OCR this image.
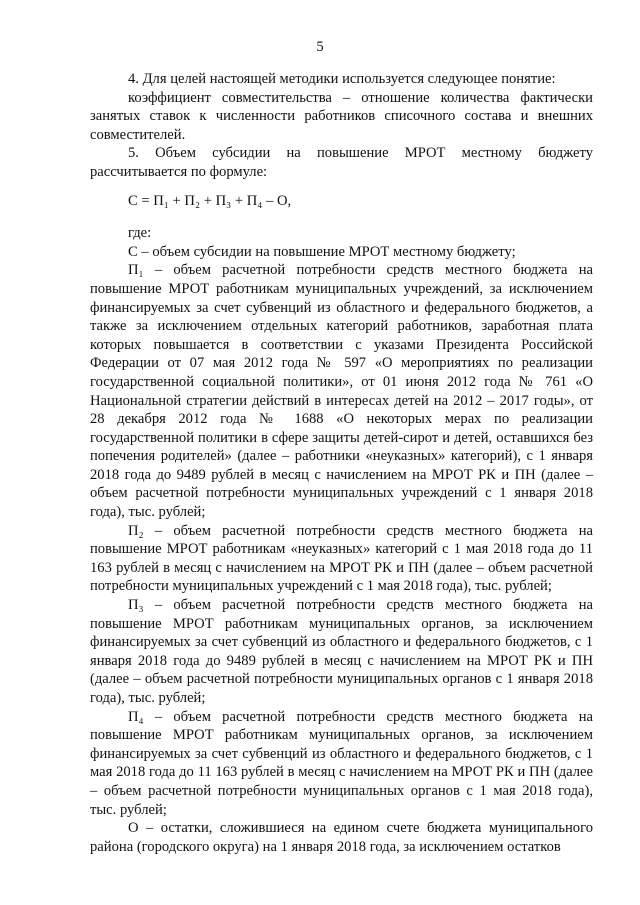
5

4. Для целей настоящей методики используется следующее понятие:

коэффициент совместительства – отношение количества фактически занятых ставок к численности работников списочного состава и внешних совместителей.

5. Объем субсидии на повышение МРОТ местному бюджету рассчитывается по формуле:

С = П₁ + П₂ + П₃ + П₄ – О,

где:

С – объем субсидии на повышение МРОТ местному бюджету;

П₁ – объем расчетной потребности средств местного бюджета на повышение МРОТ работникам муниципальных учреждений, за исключением финансируемых за счет субвенций из областного и федерального бюджетов, а также за исключением отдельных категорий работников, заработная плата которых повышается в соответствии с указами Президента Российской Федерации от 07 мая 2012 года № 597 «О мероприятиях по реализации государственной социальной политики», от 01 июня 2012 года № 761 «О Национальной стратегии действий в интересах детей на 2012 – 2017 годы», от 28 декабря 2012 года № 1688 «О некоторых мерах по реализации государственной политики в сфере защиты детей-сирот и детей, оставшихся без попечения родителей» (далее – работники «неуказных» категорий), с 1 января 2018 года до 9489 рублей в месяц с начислением на МРОТ РК и ПН (далее – объем расчетной потребности муниципальных учреждений с 1 января 2018 года), тыс. рублей;

П₂ – объем расчетной потребности средств местного бюджета на повышение МРОТ работникам «неуказных» категорий с 1 мая 2018 года до 11 163 рублей в месяц с начислением на МРОТ РК и ПН (далее – объем расчетной потребности муниципальных учреждений с 1 мая 2018 года), тыс. рублей;

П₃ – объем расчетной потребности средств местного бюджета на повышение МРОТ работникам муниципальных органов, за исключением финансируемых за счет субвенций из областного и федерального бюджетов, с 1 января 2018 года до 9489 рублей в месяц с начислением на МРОТ РК и ПН (далее – объем расчетной потребности муниципальных органов с 1 января 2018 года), тыс. рублей;

П₄ – объем расчетной потребности средств местного бюджета на повышение МРОТ работникам муниципальных органов, за исключением финансируемых за счет субвенций из областного и федерального бюджетов, с 1 мая 2018 года до 11 163 рублей в месяц с начислением на МРОТ РК и ПН (далее – объем расчетной потребности муниципальных органов с 1 мая 2018 года), тыс. рублей;

О – остатки, сложившиеся на едином счете бюджета муниципального района (городского округа) на 1 января 2018 года, за исключением остатков
